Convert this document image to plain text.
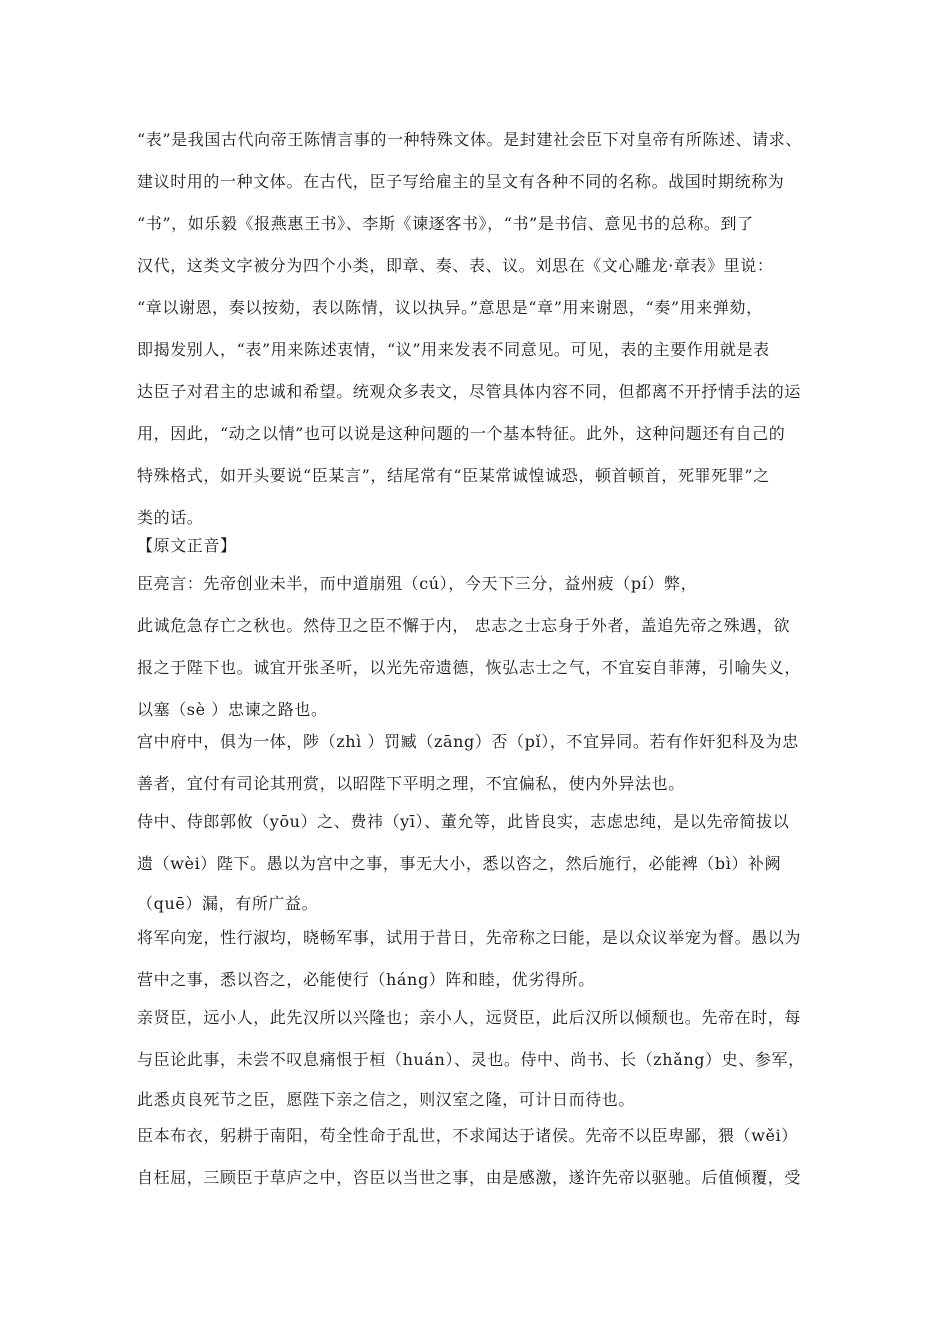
“表”是我国古代向帝王陈情言事的一种特殊文体。是封建社会臣下对皇帝有所陈述、请求、
建议时用的一种文体。在古代，臣子写给雇主的呈文有各种不同的名称。战国时期统称为
“书”，如乐毅《报燕惠王书》、李斯《谏逐客书》，“书”是书信、意见书的总称。到了
汉代，这类文字被分为四个小类，即章、奏、表、议。刘思在《文心雕龙·章表》里说：
“章以谢恩，奏以按劾，表以陈情，议以执异。”意思是“章”用来谢恩，“奏”用来弹劾，
即揭发别人，“表”用来陈述衷情，“议”用来发表不同意见。可见，表的主要作用就是表
达臣子对君主的忠诚和希望。统观众多表文，尽管具体内容不同，但都离不开抒情手法的运
用，因此，“动之以情”也可以说是这种问题的一个基本特征。此外，这种问题还有自己的
特殊格式，如开头要说“臣某言”，结尾常有“臣某常诚惶诚恐，顿首顿首，死罪死罪”之
类的话。
【原文正音】
臣亮言：先帝创业未半，而中道崩殂（cú），今天下三分，益州疲（pí）弊，
此诚危急存亡之秋也。然侍卫之臣不懈于内， 忠志之士忘身于外者，盖追先帝之殊遇，欲
报之于陛下也。诚宜开张圣听，以光先帝遗德，恢弘志士之气，不宜妄自菲薄，引喻失义，
以塞（sè ）忠谏之路也。
宫中府中，俱为一体，陟（zhì ）罚臧（zāng）否（pǐ），不宜异同。若有作奸犯科及为忠
善者，宜付有司论其刑赏，以昭陛下平明之理，不宜偏私，使内外异法也。
侍中、侍郎郭攸（yōu）之、费祎（yī）、董允等，此皆良实，志虑忠纯，是以先帝简拔以
遗（wèi）陛下。愚以为宫中之事，事无大小，悉以咨之，然后施行，必能裨（bì）补阙
（quē）漏，有所广益。
将军向宠，性行淑均，晓畅军事，试用于昔日，先帝称之曰能，是以众议举宠为督。愚以为
营中之事，悉以咨之，必能使行（háng）阵和睦，优劣得所。
亲贤臣，远小人，此先汉所以兴隆也；亲小人，远贤臣，此后汉所以倾颓也。先帝在时，每
与臣论此事，未尝不叹息痛恨于桓（huán）、灵也。侍中、尚书、长（zhǎng）史、参军，
此悉贞良死节之臣，愿陛下亲之信之，则汉室之隆，可计日而待也。
臣本布衣，躬耕于南阳，苟全性命于乱世，不求闻达于诸侯。先帝不以臣卑鄙，猥（wěi）
自枉屈，三顾臣于草庐之中，咨臣以当世之事，由是感激，遂许先帝以驱驰。后值倾覆，受
